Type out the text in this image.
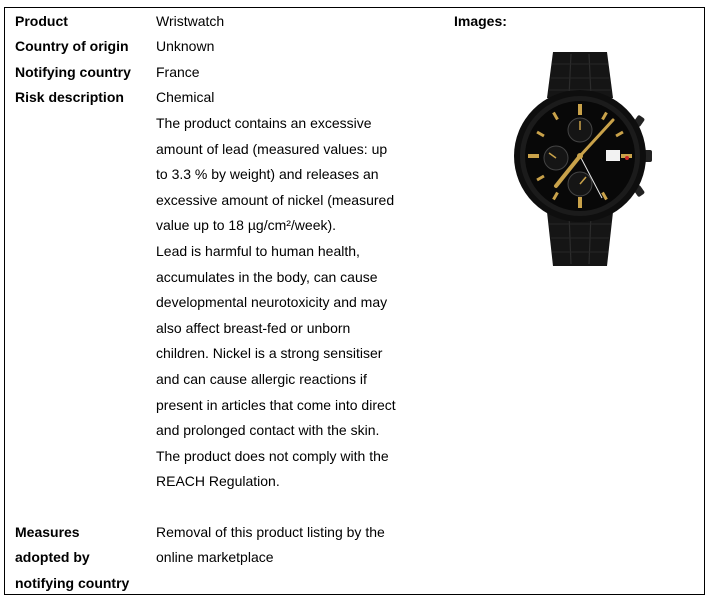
Product	Wristwatch
Country of origin Unknown
Notifying country France
Risk description Chemical

The product contains an excessive

amount of lead (measured values: up

to 3.3 % by weight) and releases an

excessive amount of nickel (measured

value up to 18 µg/cm²/week).

Lead is harmful to human health,

accumulates in the body, can cause

developmental neurotoxicity and may

also affect breast-fed or unborn

children. Nickel is a strong sensitiser

and can cause allergic reactions if

present in articles that come into direct

and prolonged contact with the skin.

The product does not comply with the

REACH Regulation.

Measures
adopted by
notifying country
Removal of this product listing by the
online marketplace
Images:
